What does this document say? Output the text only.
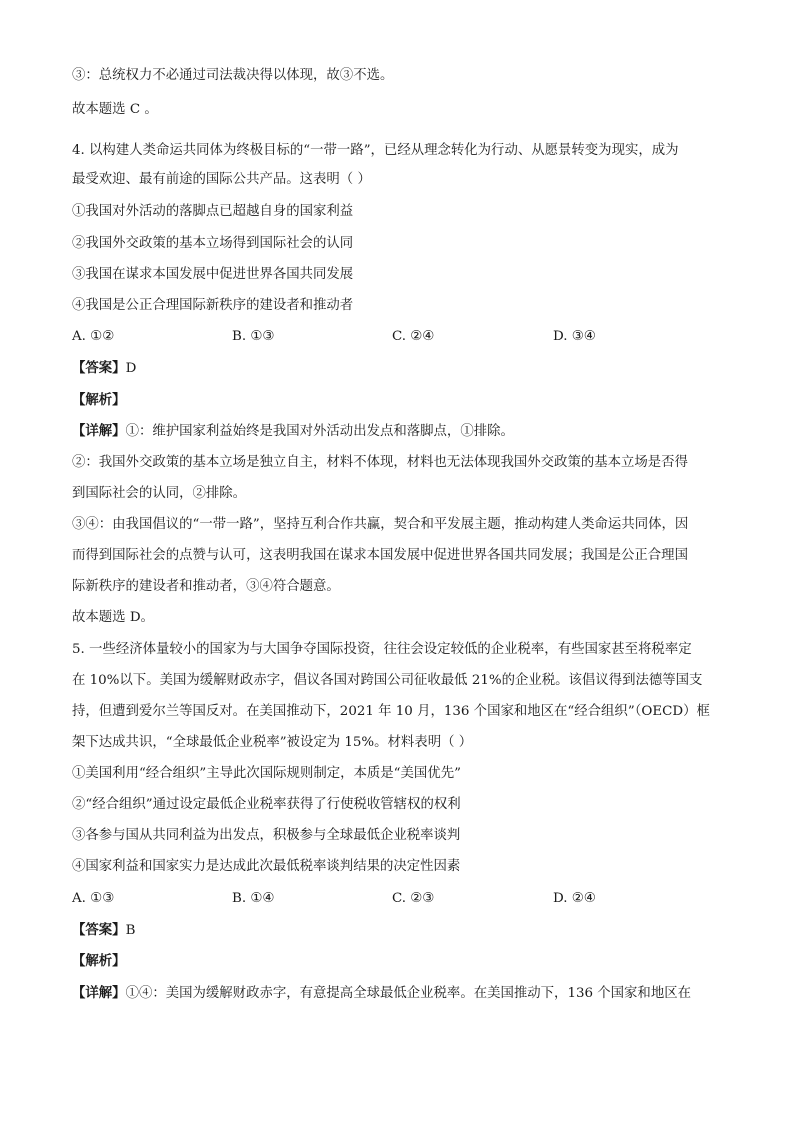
③：总统权力不必通过司法裁决得以体现，故③不选。
故本题选 C 。
4. 以构建人类命运共同体为终极目标的“一带一路”，已经从理念转化为行动、从愿景转变为现实，成为
最受欢迎、最有前途的国际公共产品。这表明（ ）
①我国对外活动的落脚点已超越自身的国家利益
②我国外交政策的基本立场得到国际社会的认同
③我国在谋求本国发展中促进世界各国共同发展
④我国是公正合理国际新秩序的建设者和推动者
A. ①②	B. ①③	C. ②④	D. ③④
【答案】D
【解析】
【详解】①：维护国家利益始终是我国对外活动出发点和落脚点，①排除。
②：我国外交政策的基本立场是独立自主，材料不体现，材料也无法体现我国外交政策的基本立场是否得
到国际社会的认同，②排除。
③④：由我国倡议的“一带一路”，坚持互利合作共赢，契合和平发展主题，推动构建人类命运共同体，因
而得到国际社会的点赞与认可，这表明我国在谋求本国发展中促进世界各国共同发展；我国是公正合理国
际新秩序的建设者和推动者，③④符合题意。
故本题选 D。
5. 一些经济体量较小的国家为与大国争夺国际投资，往往会设定较低的企业税率，有些国家甚至将税率定
在 10%以下。美国为缓解财政赤字，倡议各国对跨国公司征收最低 21%的企业税。该倡议得到法德等国支
持，但遭到爱尔兰等国反对。在美国推动下，2021 年 10 月，136 个国家和地区在“经合组织”（OECD）框
架下达成共识，“全球最低企业税率”被设定为 15%。材料表明（ ）
①美国利用“经合组织”主导此次国际规则制定，本质是“美国优先”
②“经合组织”通过设定最低企业税率获得了行使税收管辖权的权利
③各参与国从共同利益为出发点，积极参与全球最低企业税率谈判
④国家利益和国家实力是达成此次最低税率谈判结果的决定性因素
A. ①③	B. ①④	C. ②③	D. ②④
【答案】B
【解析】
【详解】①④：美国为缓解财政赤字，有意提高全球最低企业税率。在美国推动下，136 个国家和地区在
